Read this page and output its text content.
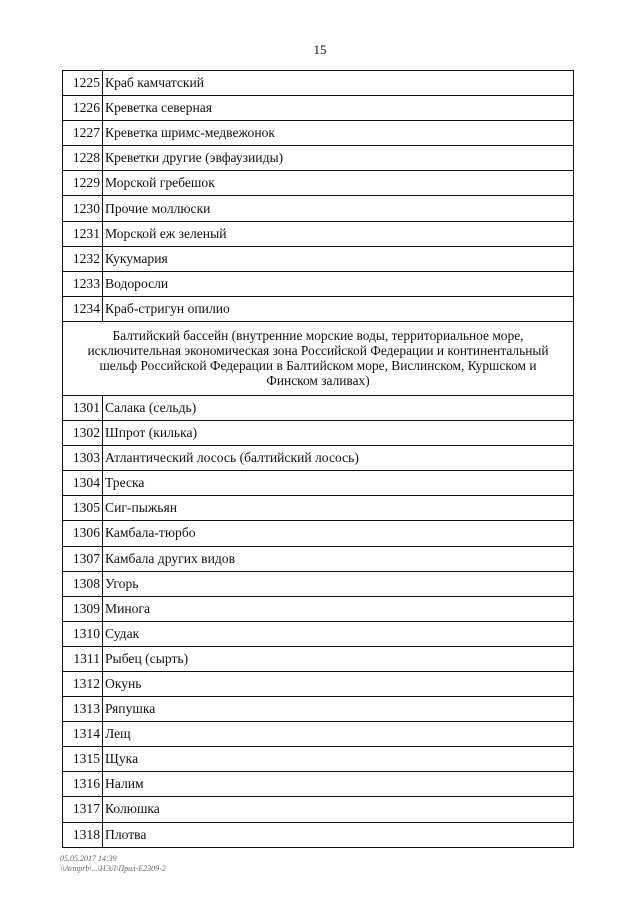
15
1225	Краб камчатский
1226	Креветка северная
1227	Креветка шримс-медвежонок
1228	Креветки другие (эвфаузииды)
1229	Морской гребешок
1230	Прочие моллюски
1231	Морской еж зеленый
1232	Кукумария
1233	Водоросли
1234	Краб-стригун опилио
Балтийский бассейн (внутренние морские воды, территориальное море, исключительная экономическая зона Российской Федерации и континентальный шельф Российской Федерации в Балтийском море, Вислинском, Куршском и Финском заливах)	
1301	Салака (сельдь)
1302	Шпрот (килька)
1303	Атлантический лосось (балтийский лосось)
1304	Треска
1305	Сиг-пыжьян
1306	Камбала-тюрбо
1307	Камбала других видов
1308	Угорь
1309	Минога
1310	Судак
1311	Рыбец (сырть)
1312	Окунь
1313	Ряпушка
1314	Лещ
1315	Щука
1316	Налим
1317	Колюшка
1318	Плотва
05.05.2017 14:39
\\Avmprb\...\НЭЛ\Прил-Е2309-2
